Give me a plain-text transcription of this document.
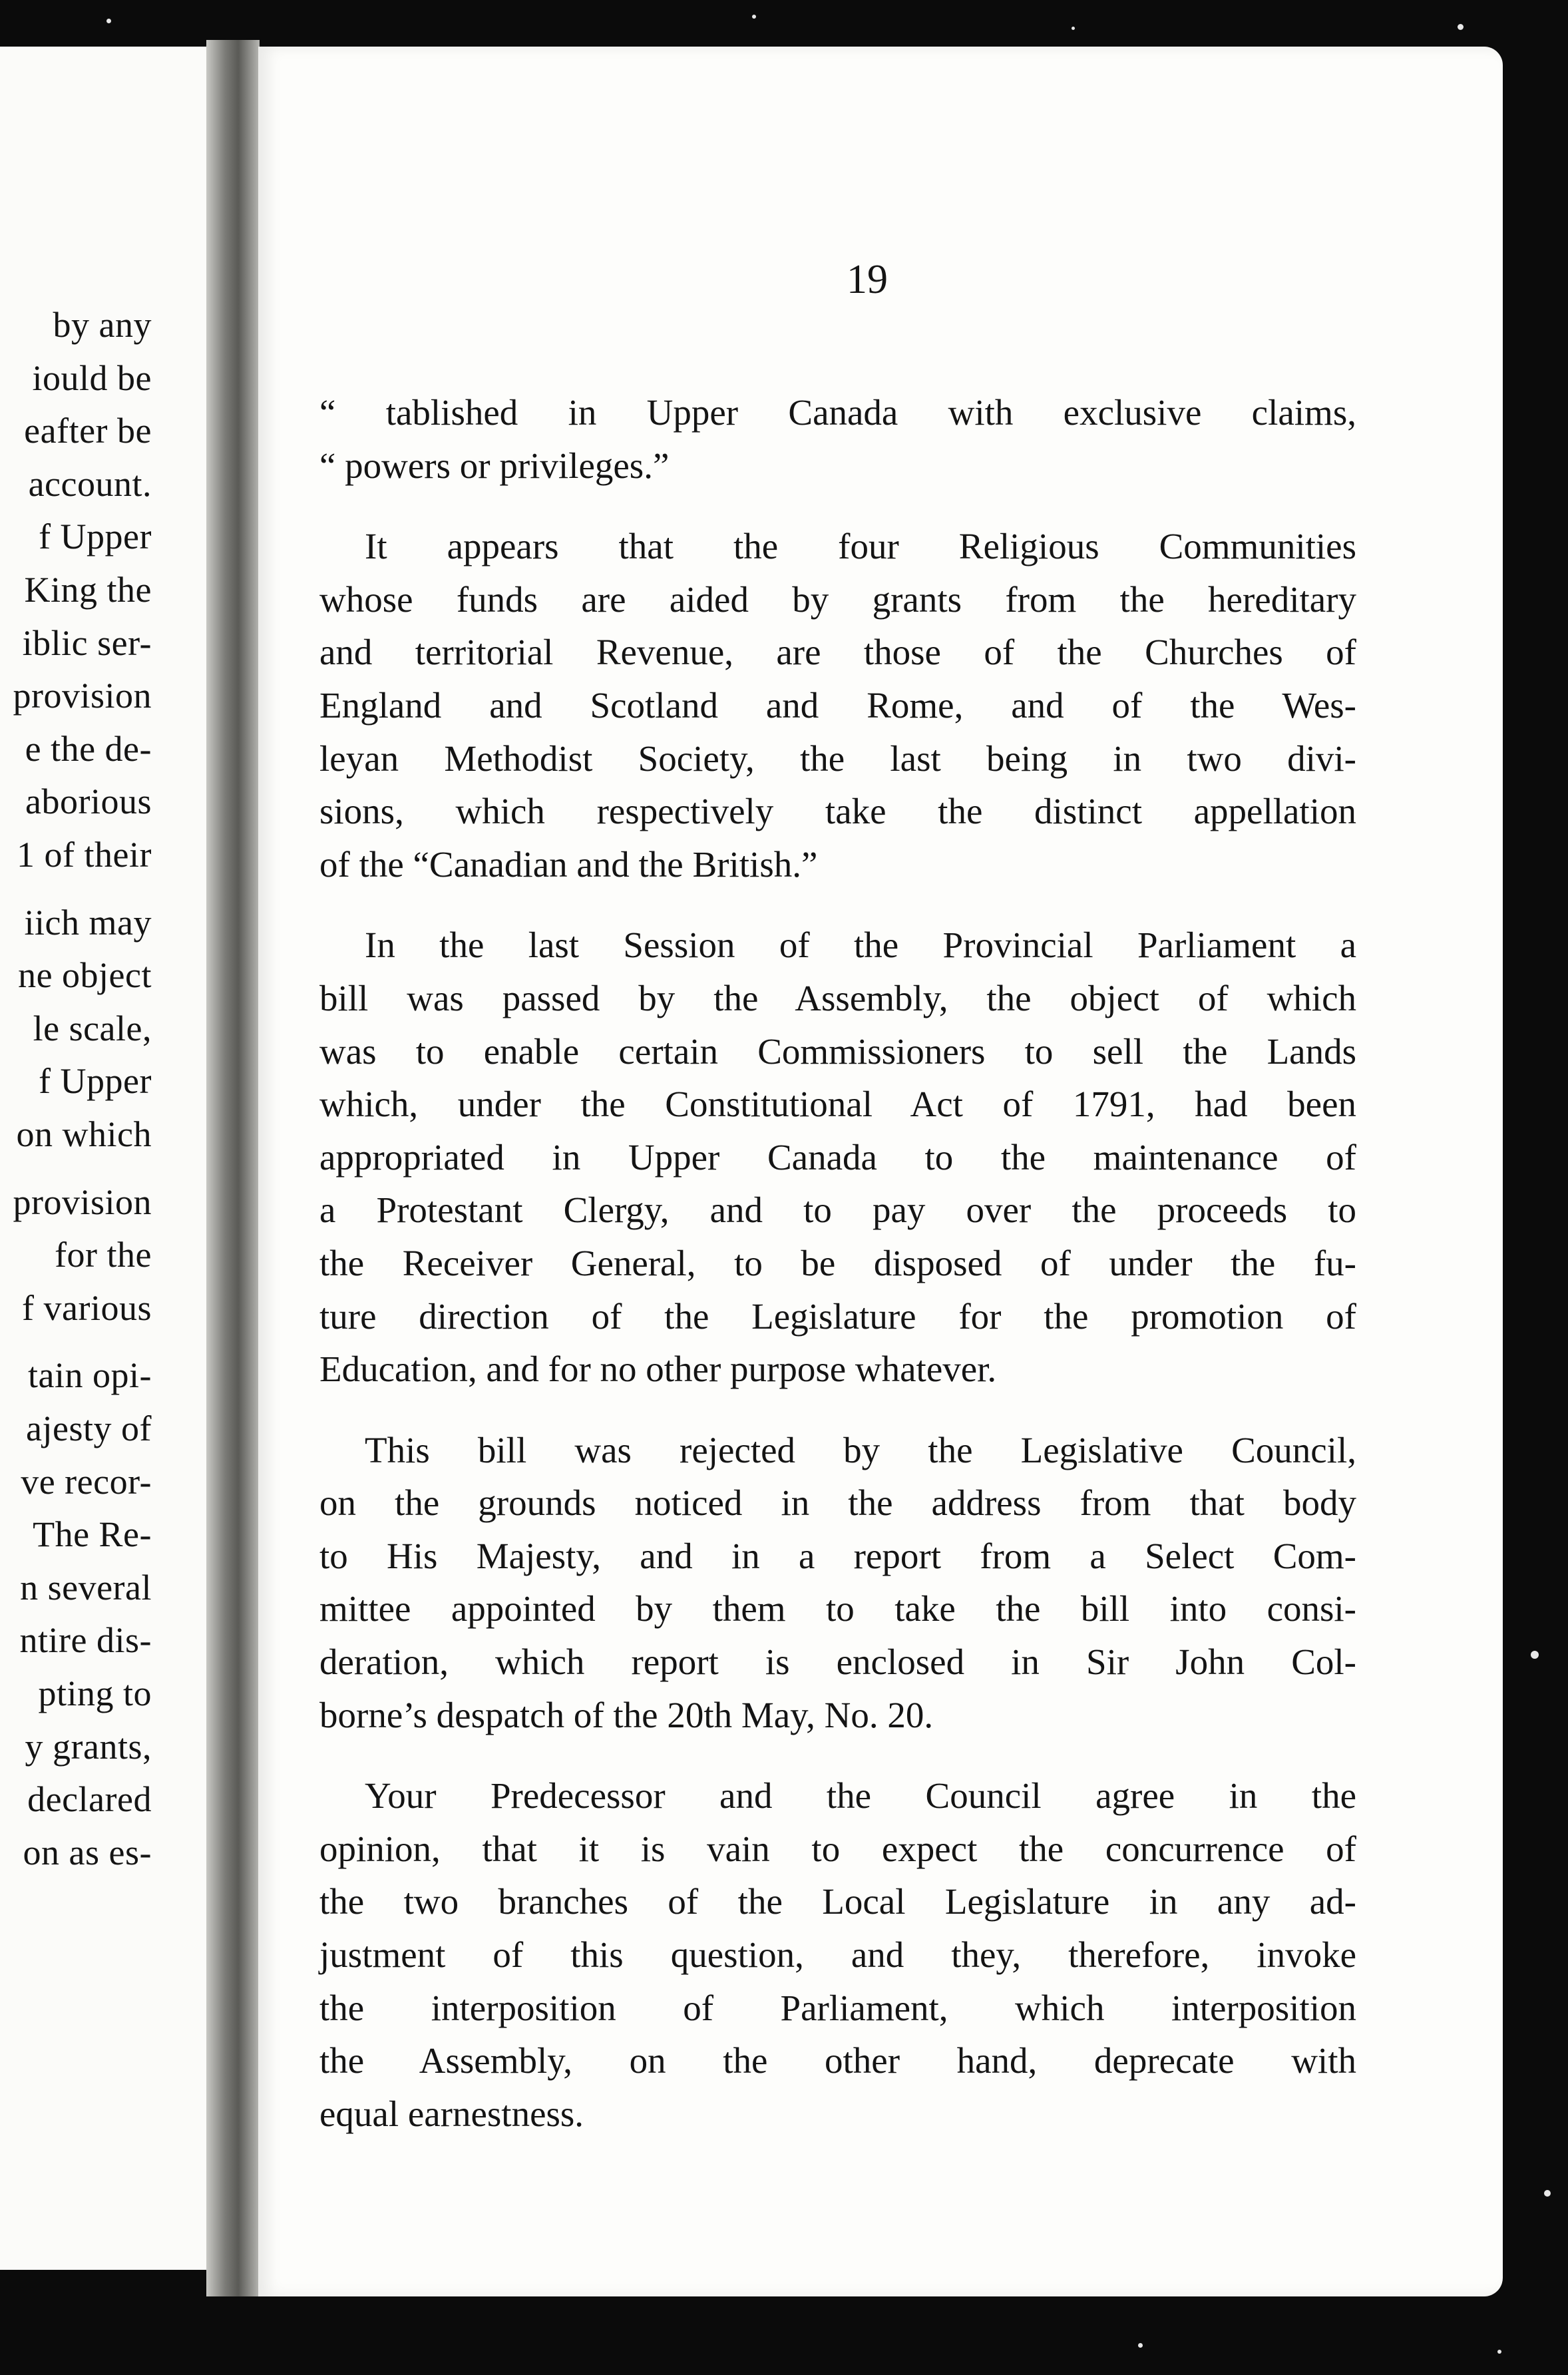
by any
iould be
eafter be
account.
f Upper
King the
iblic ser-
provision
e the de-
aborious
1 of their
iich may
ne object
le scale,
f Upper
on which
provision
for the
f various
tain opi-
ajesty of
ve recor-
The Re-
n several
ntire dis-
pting to
y grants,
declared
on as es-
19
“ tablished in Upper Canada with exclusive claims,
“ powers or privileges.”
It appears that the four Religious Communities
whose funds are aided by grants from the hereditary
and territorial Revenue, are those of the Churches of
England and Scotland and Rome, and of the Wes-
leyan Methodist Society, the last being in two divi-
sions, which respectively take the distinct appellation
of the “Canadian and the British.”
In the last Session of the Provincial Parliament a
bill was passed by the Assembly, the object of which
was to enable certain Commissioners to sell the Lands
which, under the Constitutional Act of 1791, had been
appropriated in Upper Canada to the maintenance of
a Protestant Clergy, and to pay over the proceeds to
the Receiver General, to be disposed of under the fu-
ture direction of the Legislature for the promotion of
Education, and for no other purpose whatever.
This bill was rejected by the Legislative Council,
on the grounds noticed in the address from that body
to His Majesty, and in a report from a Select Com-
mittee appointed by them to take the bill into consi-
deration, which report is enclosed in Sir John Col-
borne’s despatch of the 20th May, No. 20.
Your Predecessor and the Council agree in the
opinion, that it is vain to expect the concurrence of
the two branches of the Local Legislature in any ad-
justment of this question, and they, therefore, invoke
the interposition of Parliament, which interposition
the Assembly, on the other hand, deprecate with
equal earnestness.
